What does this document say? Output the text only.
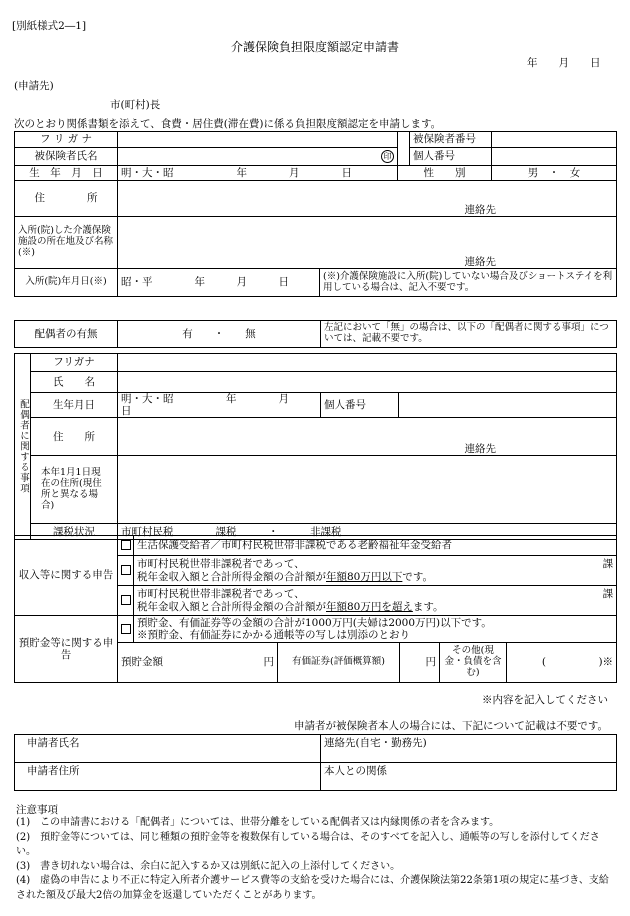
[別紙様式2―1]
介護保険負担限度額認定申請書
年　　月　　日
(申請先)
市(町村)長
次のとおり関係書類を添えて、食費・居住費(滞在費)に係る負担限度額認定を申請します。
フ リ ガ ナ				被保険者番号	

被保険者氏名	印			個人番号	

生　年　月　日	明・大・昭　　　　　　 年　　　　月　　　　日		性　　別		男　・　女
住　　　　所	連絡先				
入所(院)した介護保険施設の所在地及び名称(※)	連絡先				
入所(院)年月日(※)	昭・平　　　　 年　　　月　　　日	(※)介護保険施設に入所(院)していない場合及びショートステイを利用している場合は、記入不要です。			
配偶者の有無		有　　・　　無	左記において「無」の場合は、以下の「配偶者に関する事項」については、記載不要です。	

配偶者に関する事項	フリガナ			
	氏　　名			
	生年月日	明・大・昭　　　　　 年　　　　月　　　　日	個人番号	

	住　　所	連絡先		
	本年1月1日現在の住所(現住所と異なる場合)			
	課税状況	市町村民税　　　　課税　　　・　　　非課税		
収入等に関する申告		生活保護受給者／市町村民税世帯非課税である老齢福祉年金受給者				

		市町村民税世帯非課税者であって、 課
税年金収入額と合計所得金額の合計額が年額80万円以下です。				

		市町村民税世帯非課税者であって、 課
税年金収入額と合計所得金額の合計額が年額80万円を超えます。				

預貯金等に関する申告		預貯金、有価証券等の金額の合計が1000万円(夫婦は2000万円)以下です。
※預貯金、有価証券にかかる通帳等の写しは別添のとおり				

	預貯金額 円		有価証券(評価概算額)	円	その他(現金・負債を含む)	(　　　　　)※
※内容を記入してください
申請者が被保険者本人の場合には、下記について記載は不要です。
申請者氏名	連絡先(自宅・勤務先)
申請者住所	本人との関係
注意事項
(1)　この申請書における「配偶者」については、世帯分離をしている配偶者又は内縁関係の者を含みます。
(2)　預貯金等については、同じ種類の預貯金等を複数保有している場合は、そのすべてを記入し、通帳等の写しを添付してください。
(3)　書き切れない場合は、余白に記入するか又は別紙に記入の上添付してください。
(4)　虚偽の申告により不正に特定入所者介護サービス費等の支給を受けた場合には、介護保険法第22条第1項の規定に基づき、支給された額及び最大2倍の加算金を返還していただくことがあります。
